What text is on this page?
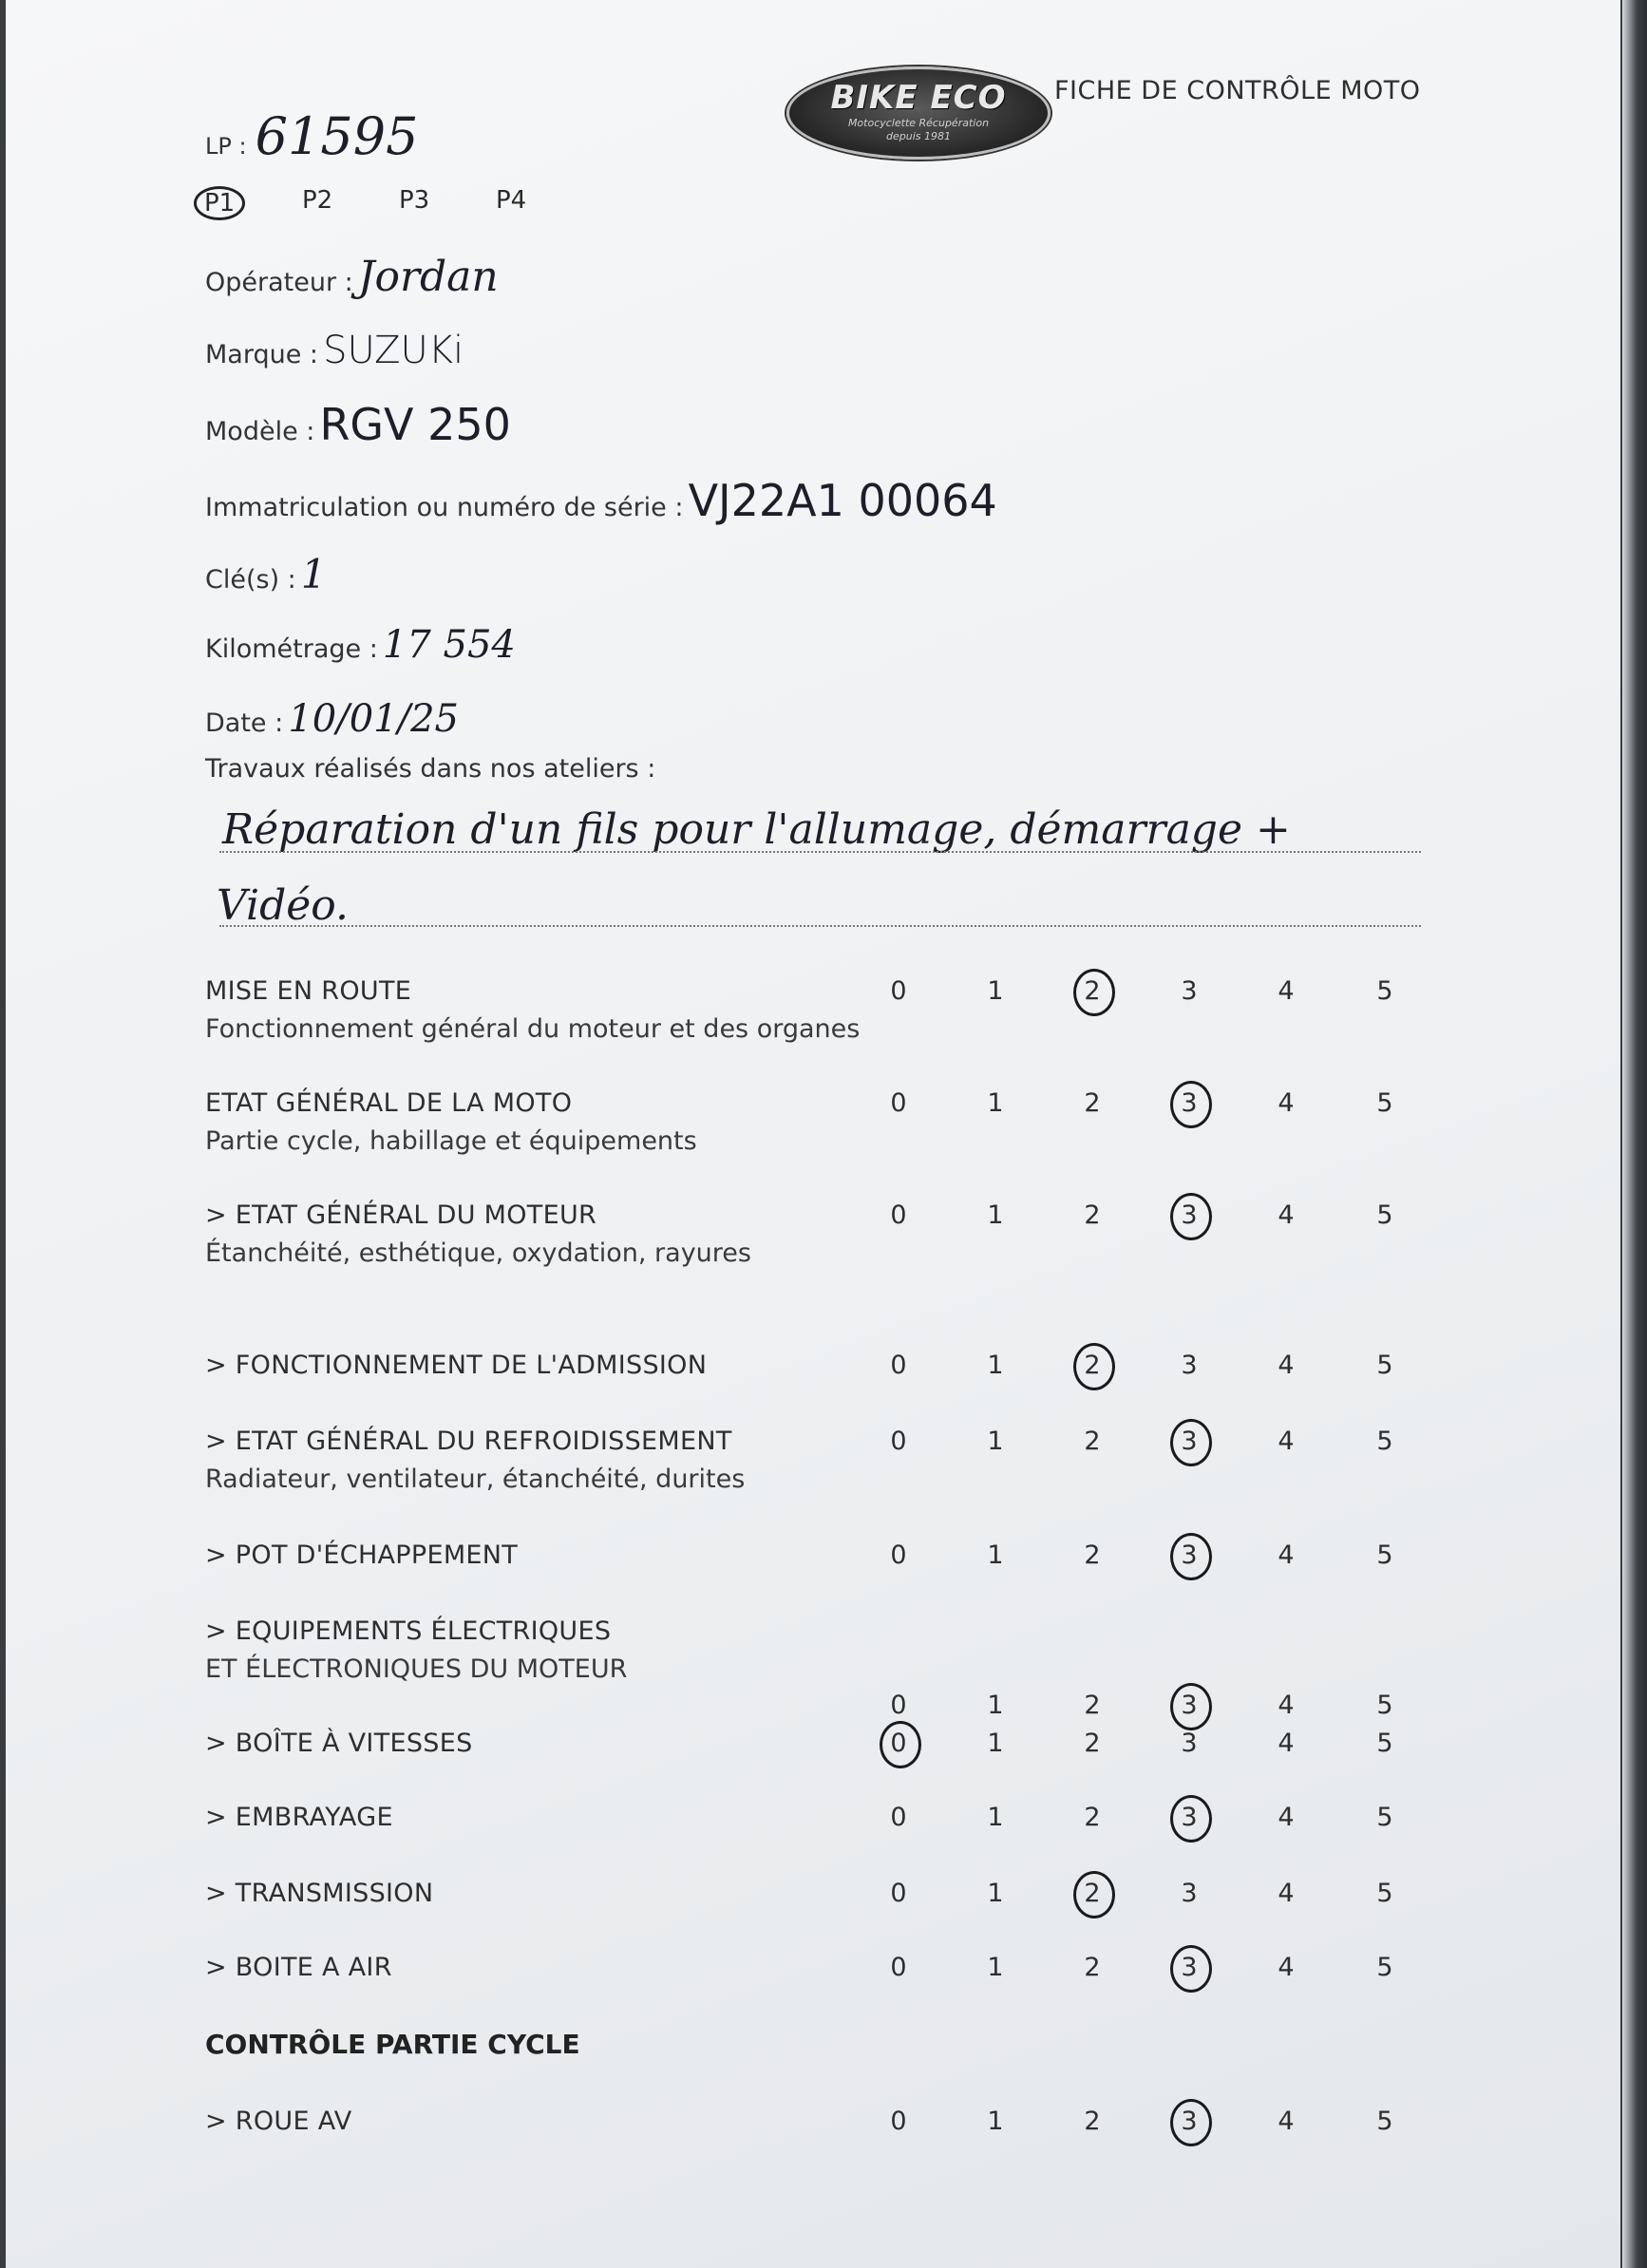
BIKE ECO
Motocyclette Récupération
depuis 1981
FICHE DE CONTRÔLE MOTO
LP : 61595
P1	P2	P3	P4
Opérateur : Jordan
Marque : SUZUKi
Modèle : RGV 250
Immatriculation ou numéro de série : VJ22A1 00064
Clé(s) : 1
Kilométrage : 17 554
Date : 10/01/25
Travaux réalisés dans nos ateliers :
Réparation d'un fils pour l'allumage, démarrage +
Vidéo.
MISE EN ROUTE
Fonctionnement général du moteur et des organes
0	1	2	3	4	5
ETAT GÉNÉRAL DE LA MOTO
Partie cycle, habillage et équipements
0	1	2	3	4	5
> ETAT GÉNÉRAL DU MOTEUR
Étanchéité, esthétique, oxydation, rayures
0	1	2	3	4	5
> FONCTIONNEMENT DE L'ADMISSION	0	1	2	3	4	5
> ETAT GÉNÉRAL DU REFROIDISSEMENT
Radiateur, ventilateur, étanchéité, durites
0	1	2	3	4	5
> POT D'ÉCHAPPEMENT	0	1	2	3	4	5
> EQUIPEMENTS ÉLECTRIQUES
ET ÉLECTRONIQUES DU MOTEUR
0	1	2	3	4	5
> BOÎTE À VITESSES	0	1	2	3	4	5
> EMBRAYAGE	0	1	2	3	4	5
> TRANSMISSION	0	1	2	3	4	5
> BOITE A AIR	0	1	2	3	4	5
CONTRÔLE PARTIE CYCLE
> ROUE AV	0	1	2	3	4	5
